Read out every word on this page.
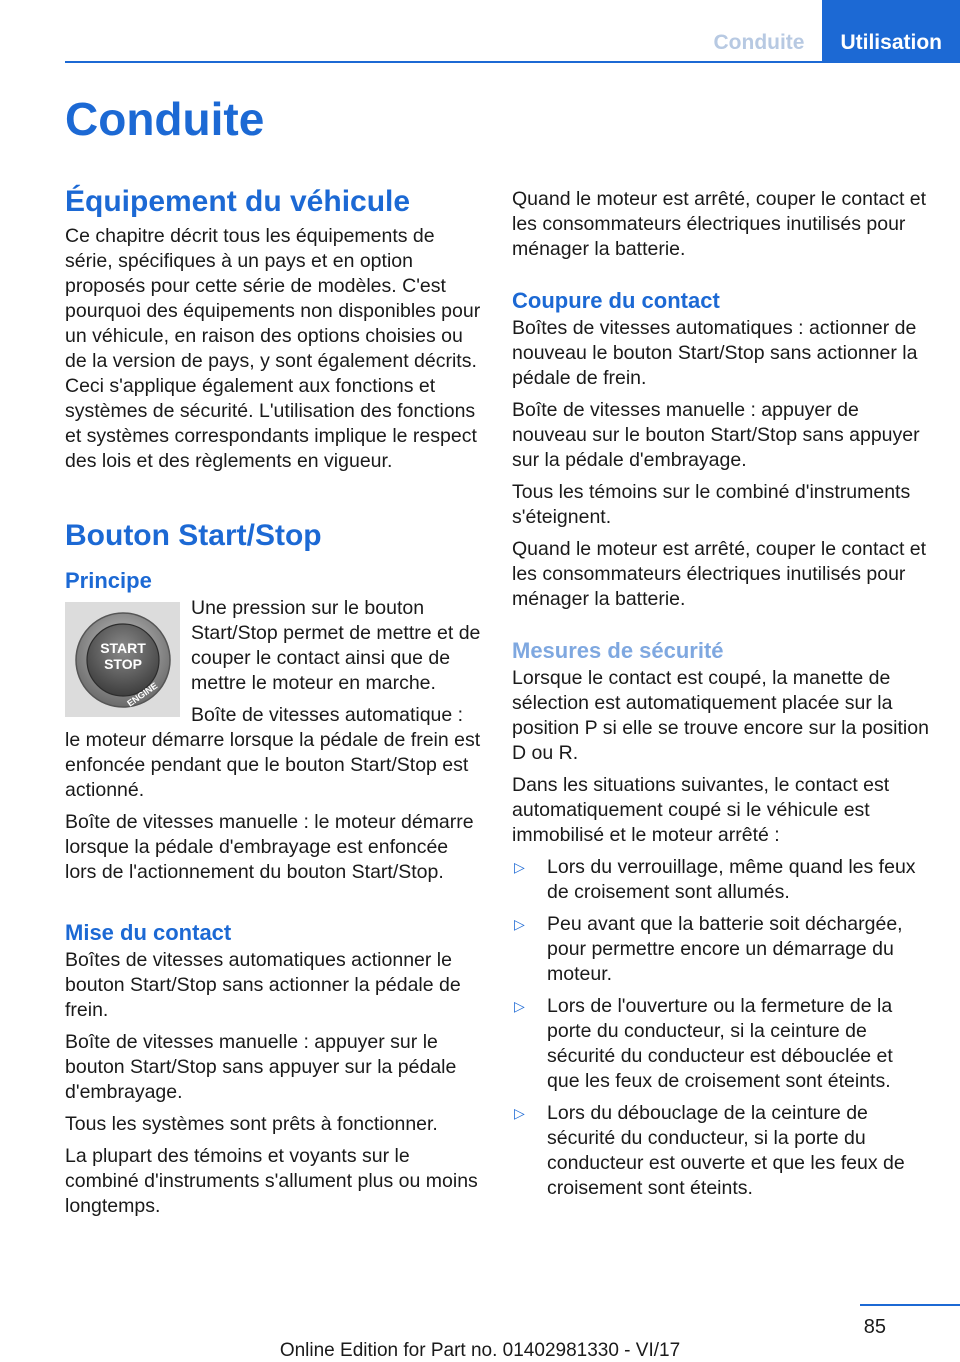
Conduite	Utilisation
Conduite
Équipement du véhicule

Ce chapitre décrit tous les équipements de série, spécifiques à un pays et en option proposés pour cette série de modèles. C'est pourquoi des équipements non disponibles pour un véhicule, en raison des options choisies ou de la version de pays, y sont également décrits. Ceci s'applique également aux fonctions et systèmes de sécurité. L'utilisation des fonctions et systèmes correspondants implique le respect des lois et des règlements en vigueur.

Bouton Start/Stop
Principe
START
STOP
ENGINE

Une pression sur le bouton Start/Stop permet de mettre et de couper le contact ainsi que de mettre le moteur en marche.

Boîte de vitesses automatique : le moteur démarre lorsque la pédale de frein est enfoncée pendant que le bouton Start/Stop est actionné.

Boîte de vitesses manuelle : le moteur démarre lorsque la pédale d'embrayage est enfoncée lors de l'actionnement du bouton Start/Stop.

Mise du contact

Boîtes de vitesses automatiques actionner le bouton Start/Stop sans actionner la pédale de frein.

Boîte de vitesses manuelle : appuyer sur le bouton Start/Stop sans appuyer sur la pédale d'embrayage.

Tous les systèmes sont prêts à fonctionner.

La plupart des témoins et voyants sur le combiné d'instruments s'allument plus ou moins longtemps.

Quand le moteur est arrêté, couper le contact et les consommateurs électriques inutilisés pour ménager la batterie.

Coupure du contact

Boîtes de vitesses automatiques : actionner de nouveau le bouton Start/Stop sans actionner la pédale de frein.

Boîte de vitesses manuelle : appuyer de nouveau sur le bouton Start/Stop sans appuyer sur la pédale d'embrayage.

Tous les témoins sur le combiné d'instruments s'éteignent.

Quand le moteur est arrêté, couper le contact et les consommateurs électriques inutilisés pour ménager la batterie.

Mesures de sécurité

Lorsque le contact est coupé, la manette de sélection est automatiquement placée sur la position P si elle se trouve encore sur la position D ou R.

Dans les situations suivantes, le contact est automatiquement coupé si le véhicule est immobilisé et le moteur arrêté :

▷	Lors du verrouillage, même quand les feux de croisement sont allumés.

▷	Peu avant que la batterie soit déchargée, pour permettre encore un démarrage du moteur.

▷	Lors de l'ouverture ou la fermeture de la porte du conducteur, si la ceinture de sécurité du conducteur est débouclée et que les feux de croisement sont éteints.

▷	Lors du débouclage de la ceinture de sécurité du conducteur, si la porte du conducteur est ouverte et que les feux de croisement sont éteints.

85
Online Edition for Part no. 01402981330 - VI/17
